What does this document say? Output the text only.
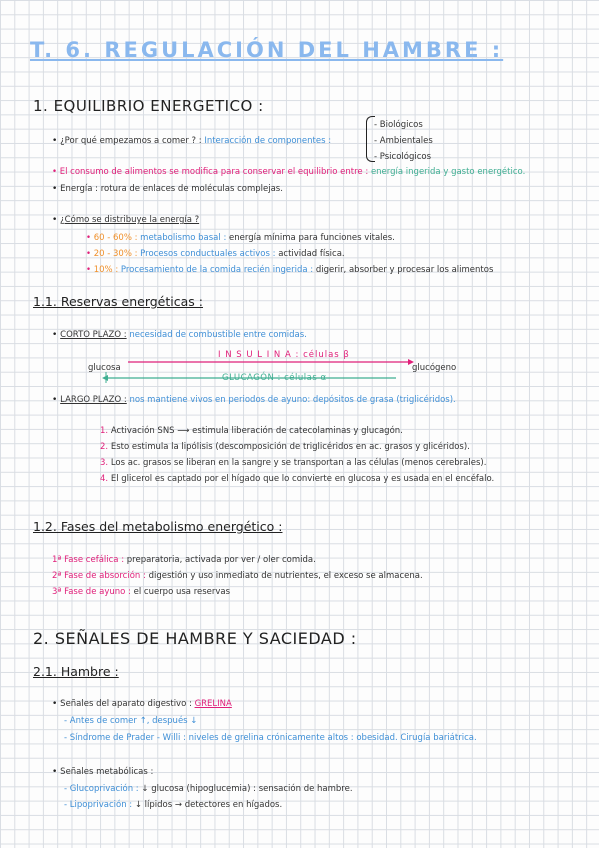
T. 6. REGULACIÓN DEL HAMBRE :
1. EQUILIBRIO ENERGETICO :
• ¿Por qué empezamos a comer ? : Interacción de componentes :
- Biológicos
- Ambientales
- Psicológicos
• El consumo de alimentos se modifica para conservar el equilibrio entre : energía ingerida y gasto energético.
• Energía : rotura de enlaces de moléculas complejas.
• ¿Cómo se distribuye la energía ?
• 60 - 60% : metabolismo basal : energía mínima para funciones vitales.
• 20 - 30% : Procesos conductuales activos : actividad física.
• 10% : Procesamiento de la comida recién ingerida : digerir, absorber y procesar los alimentos
1.1. Reservas energéticas :
• CORTO PLAZO : necesidad de combustible entre comidas.
I N S U L I N A : células β
glucosa	glucógeno
GLUCAGÓN : células α
• LARGO PLAZO : nos mantiene vivos en periodos de ayuno: depósitos de grasa (triglicéridos).
1. Activación SNS ⟶ estimula liberación de catecolaminas y glucagón.
2. Esto estimula la lipólisis (descomposición de triglicéridos en ac. grasos y glicéridos).
3. Los ac. grasos se liberan en la sangre y se transportan a las células (menos cerebrales).
4. El glicerol es captado por el hígado que lo convierte en glucosa y es usada en el encéfalo.
1.2. Fases del metabolismo energético :
1ª Fase cefálica : preparatoria, activada por ver / oler comida.
2ª Fase de absorción : digestión y uso inmediato de nutrientes, el exceso se almacena.
3ª Fase de ayuno : el cuerpo usa reservas
2. SEÑALES DE HAMBRE Y SACIEDAD :
2.1. Hambre :
• Señales del aparato digestivo : GRELINA
- Antes de comer ↑, después ↓
- Síndrome de Prader - Willi : niveles de grelina crónicamente altos : obesidad. Cirugía bariátrica.
• Señales metabólicas :
- Glucoprivación : ↓ glucosa (hipoglucemia) : sensación de hambre.
- Lipoprivación : ↓ lípidos → detectores en hígados.
